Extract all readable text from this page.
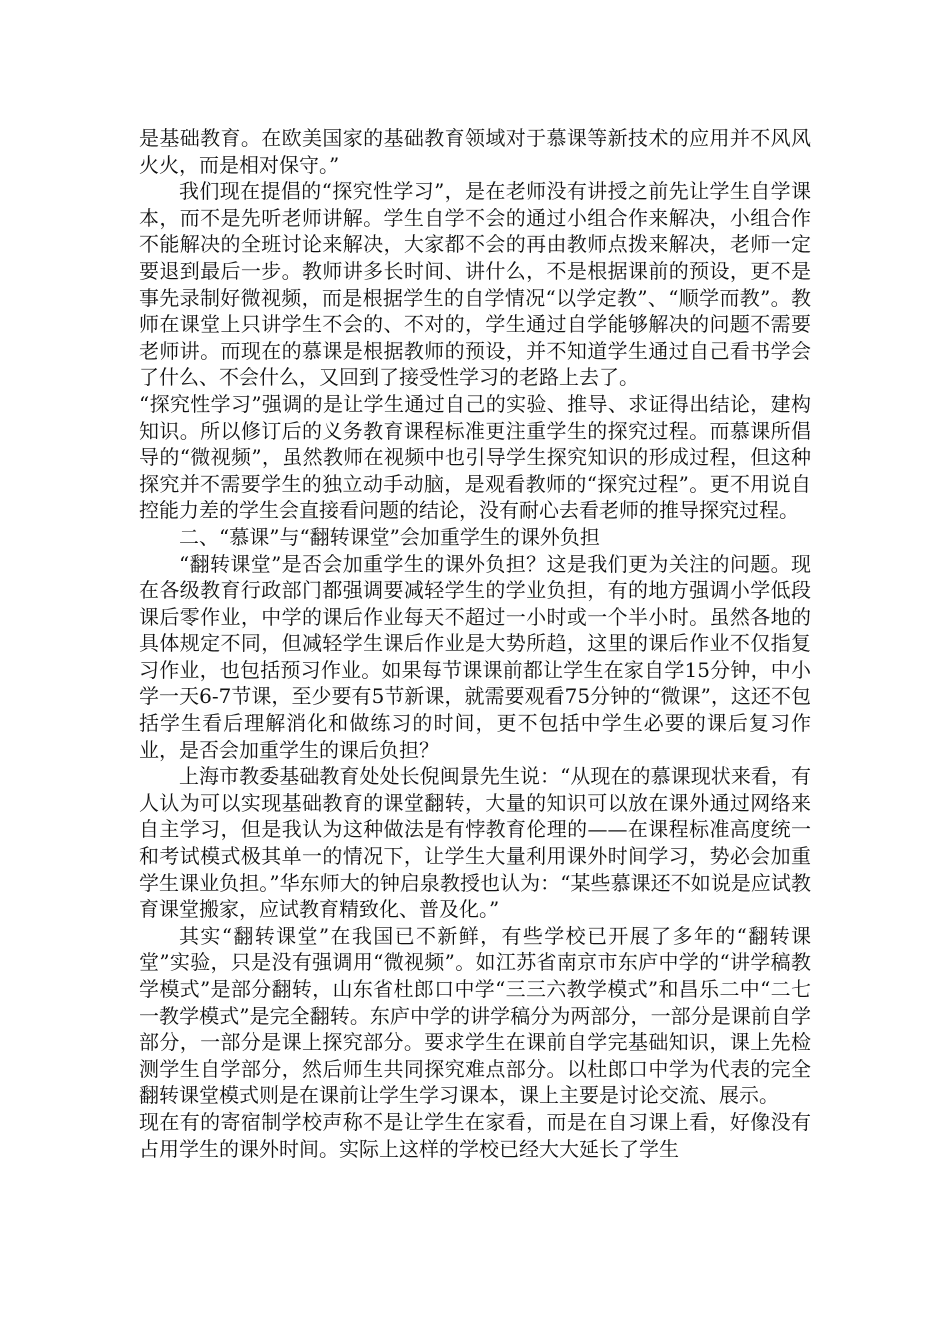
是基础教育。在欧美国家的基础教育领域对于慕课等新技术的应用并不风风火火，而是相对保守。”

我们现在提倡的“探究性学习”，是在老师没有讲授之前先让学生自学课本，而不是先听老师讲解。学生自学不会的通过小组合作来解决，小组合作不能解决的全班讨论来解决，大家都不会的再由教师点拨来解决，老师一定要退到最后一步。教师讲多长时间、讲什么，不是根据课前的预设，更不是事先录制好微视频，而是根据学生的自学情况“以学定教”、“顺学而教”。教师在课堂上只讲学生不会的、不对的，学生通过自学能够解决的问题不需要老师讲。而现在的慕课是根据教师的预设，并不知道学生通过自己看书学会了什么、不会什么，又回到了接受性学习的老路上去了。

“探究性学习”强调的是让学生通过自己的实验、推导、求证得出结论，建构知识。所以修订后的义务教育课程标准更注重学生的探究过程。而慕课所倡导的“微视频”，虽然教师在视频中也引导学生探究知识的形成过程，但这种探究并不需要学生的独立动手动脑，是观看教师的“探究过程”。更不用说自控能力差的学生会直接看问题的结论，没有耐心去看老师的推导探究过程。

二、“慕课”与“翻转课堂”会加重学生的课外负担

“翻转课堂”是否会加重学生的课外负担？这是我们更为关注的问题。现在各级教育行政部门都强调要减轻学生的学业负担，有的地方强调小学低段课后零作业，中学的课后作业每天不超过一小时或一个半小时。虽然各地的具体规定不同，但减轻学生课后作业是大势所趋，这里的课后作业不仅指复习作业，也包括预习作业。如果每节课课前都让学生在家自学15分钟，中小学一天6-7节课，至少要有5节新课，就需要观看75分钟的“微课”，这还不包括学生看后理解消化和做练习的时间，更不包括中学生必要的课后复习作业，是否会加重学生的课后负担？

上海市教委基础教育处处长倪闽景先生说：“从现在的慕课现状来看，有人认为可以实现基础教育的课堂翻转，大量的知识可以放在课外通过网络来自主学习，但是我认为这种做法是有悖教育伦理的——在课程标准高度统一和考试模式极其单一的情况下，让学生大量利用课外时间学习，势必会加重学生课业负担。”华东师大的钟启泉教授也认为：“某些慕课还不如说是应试教育课堂搬家，应试教育精致化、普及化。”

其实“翻转课堂”在我国已不新鲜，有些学校已开展了多年的“翻转课堂”实验，只是没有强调用“微视频”。如江苏省南京市东庐中学的“讲学稿教学模式”是部分翻转，山东省杜郎口中学“三三六教学模式”和昌乐二中“二七一教学模式”是完全翻转。东庐中学的讲学稿分为两部分，一部分是课前自学部分，一部分是课上探究部分。要求学生在课前自学完基础知识，课上先检测学生自学部分，然后师生共同探究难点部分。以杜郎口中学为代表的完全翻转课堂模式则是在课前让学生学习课本，课上主要是讨论交流、展示。

现在有的寄宿制学校声称不是让学生在家看，而是在自习课上看，好像没有占用学生的课外时间。实际上这样的学校已经大大延长了学生
